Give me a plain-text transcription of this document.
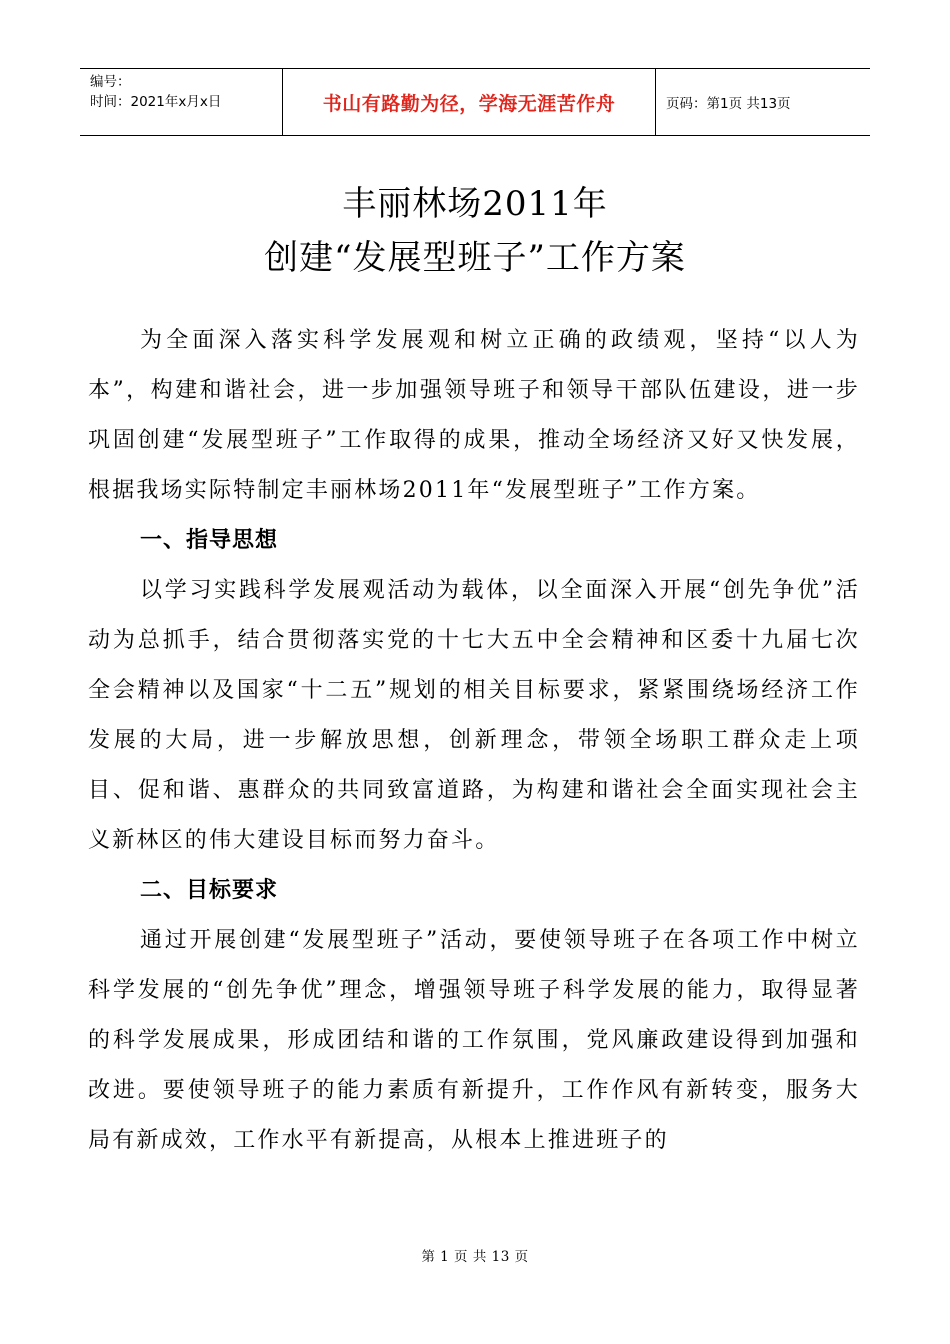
编号：
时间：2021年x月x日	书山有路勤为径，学海无涯苦作舟	页码：第1页 共13页
丰丽林场2011年
创建“发展型班子”工作方案

为全面深入落实科学发展观和树立正确的政绩观，坚持“以人为本”，构建和谐社会，进一步加强领导班子和领导干部队伍建设，进一步巩固创建“发展型班子”工作取得的成果，推动全场经济又好又快发展，根据我场实际特制定丰丽林场2011年“发展型班子”工作方案。

一、指导思想

以学习实践科学发展观活动为载体，以全面深入开展“创先争优”活动为总抓手，结合贯彻落实党的十七大五中全会精神和区委十九届七次全会精神以及国家“十二五”规划的相关目标要求，紧紧围绕场经济工作发展的大局，进一步解放思想，创新理念，带领全场职工群众走上项目、促和谐、惠群众的共同致富道路，为构建和谐社会全面实现社会主义新林区的伟大建设目标而努力奋斗。

二、目标要求

通过开展创建“发展型班子”活动，要使领导班子在各项工作中树立科学发展的“创先争优”理念，增强领导班子科学发展的能力，取得显著的科学发展成果，形成团结和谐的工作氛围，党风廉政建设得到加强和改进。要使领导班子的能力素质有新提升，工作作风有新转变，服务大局有新成效，工作水平有新提高，从根本上推进班子的

第 1 页 共 13 页
